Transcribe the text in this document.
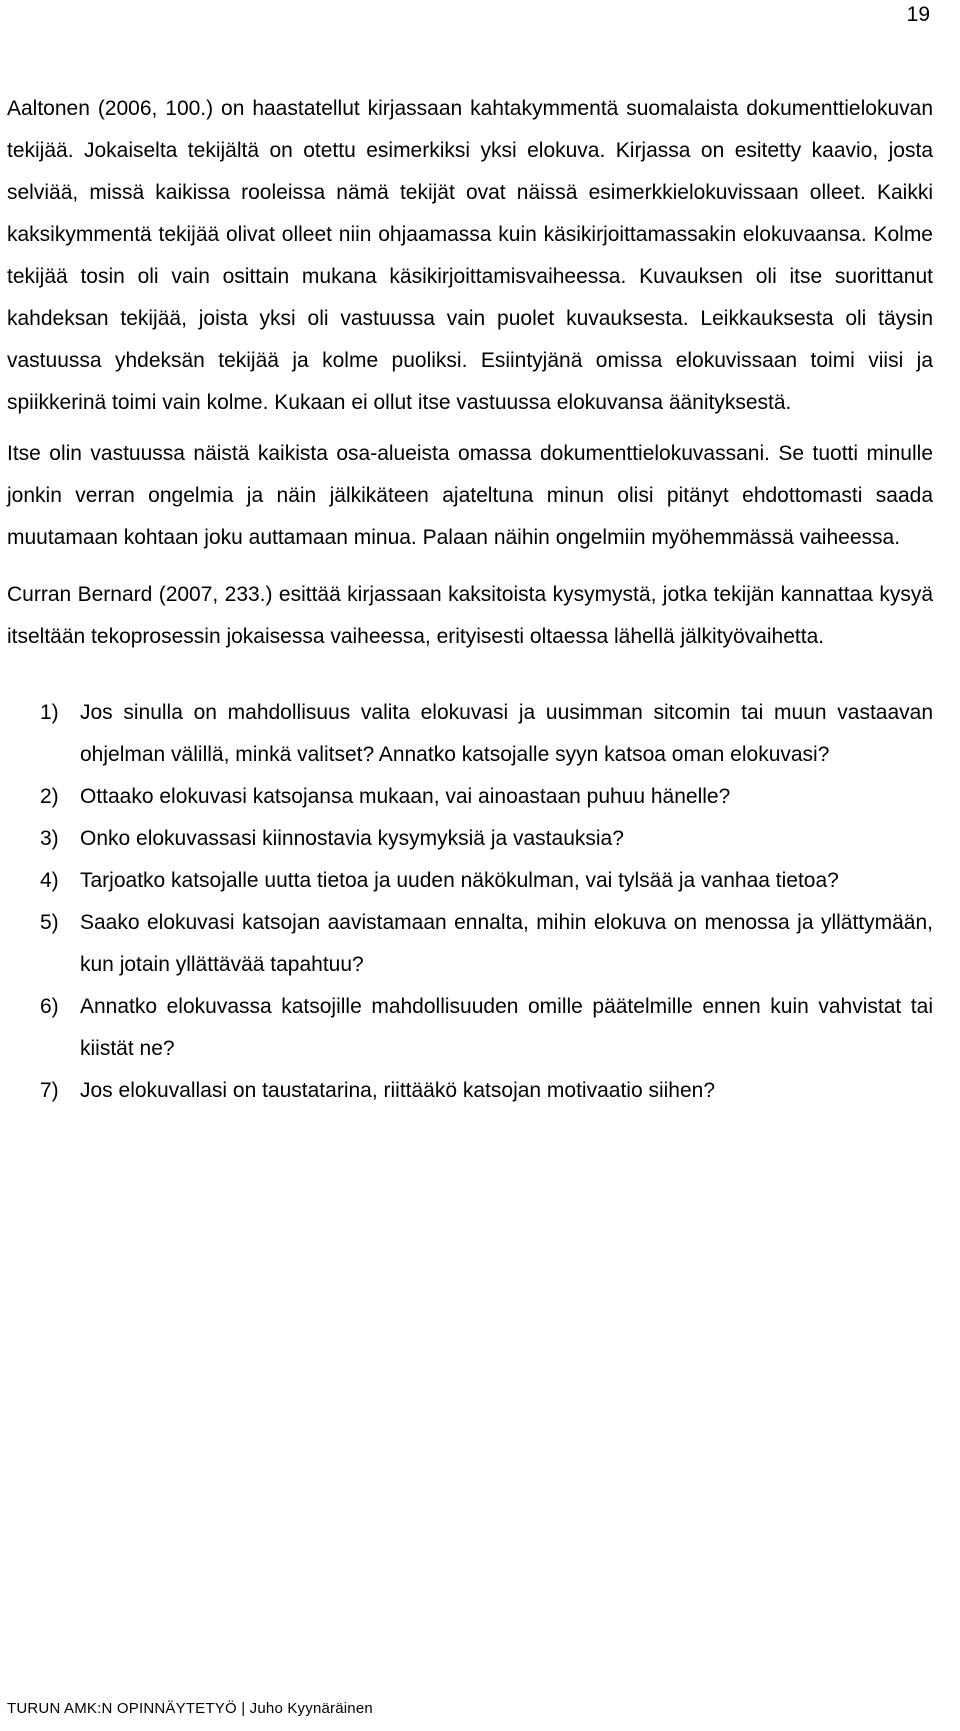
19

Aaltonen (2006, 100.) on haastatellut kirjassaan kahtakymmentä suomalaista dokumenttielokuvan tekijää. Jokaiselta tekijältä on otettu esimerkiksi yksi elokuva. Kirjassa on esitetty kaavio, josta selviää, missä kaikissa rooleissa nämä tekijät ovat näissä esimerkkielokuvissaan olleet. Kaikki kaksikymmentä tekijää olivat olleet niin ohjaamassa kuin käsikirjoittamassakin elokuvaansa. Kolme tekijää tosin oli vain osittain mukana käsikirjoittamisvaiheessa. Kuvauksen oli itse suorittanut kahdeksan tekijää, joista yksi oli vastuussa vain puolet kuvauksesta. Leikkauksesta oli täysin vastuussa yhdeksän tekijää ja kolme puoliksi. Esiintyjänä omissa elokuvissaan toimi viisi ja spiikkerinä toimi vain kolme. Kukaan ei ollut itse vastuussa elokuvansa äänityksestä.

Itse olin vastuussa näistä kaikista osa-alueista omassa dokumenttielokuvassani. Se tuotti minulle jonkin verran ongelmia ja näin jälkikäteen ajateltuna minun olisi pitänyt ehdottomasti saada muutamaan kohtaan joku auttamaan minua. Palaan näihin ongelmiin myöhemmässä vaiheessa.

Curran Bernard (2007, 233.) esittää kirjassaan kaksitoista kysymystä, jotka tekijän kannattaa kysyä itseltään tekoprosessin jokaisessa vaiheessa, erityisesti oltaessa lähellä jälkityövaihetta.

1) Jos sinulla on mahdollisuus valita elokuvasi ja uusimman sitcomin tai muun vastaavan ohjelman välillä, minkä valitset? Annatko katsojalle syyn katsoa oman elokuvasi?
2) Ottaako elokuvasi katsojansa mukaan, vai ainoastaan puhuu hänelle?
3) Onko elokuvassasi kiinnostavia kysymyksiä ja vastauksia?
4) Tarjoatko katsojalle uutta tietoa ja uuden näkökulman, vai tylsää ja vanhaa tietoa?
5) Saako elokuvasi katsojan aavistamaan ennalta, mihin elokuva on menossa ja yllättymään, kun jotain yllättävää tapahtuu?
6) Annatko elokuvassa katsojille mahdollisuuden omille päätelmille ennen kuin vahvistat tai kiistät ne?
7) Jos elokuvallasi on taustatarina, riittääkö katsojan motivaatio siihen?
TURUN AMK:N OPINNÄYTETYÖ | Juho Kyynäräinen
